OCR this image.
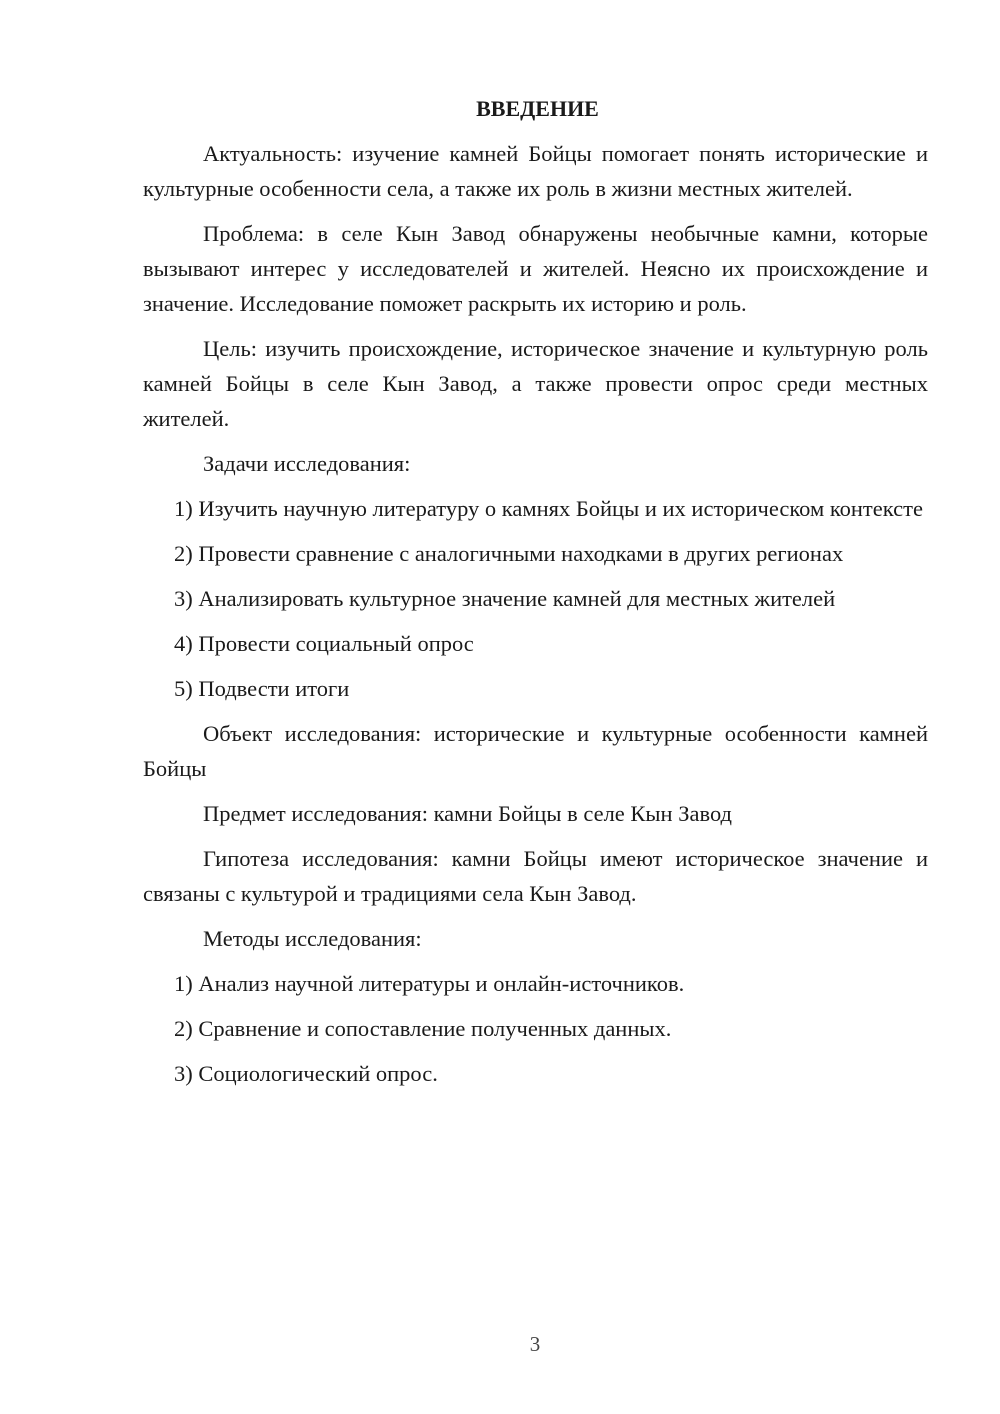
ВВЕДЕНИЕ

Актуальность: изучение камней Бойцы помогает понять исторические и культурные особенности села, а также их роль в жизни местных жителей.

Проблема: в селе Кын Завод обнаружены необычные камни, которые вызывают интерес у исследователей и жителей. Неясно их происхождение и значение. Исследование поможет раскрыть их историю и роль.

Цель: изучить происхождение, историческое значение и культурную роль камней Бойцы в селе Кын Завод, а также провести опрос среди местных жителей.

Задачи исследования:

1) Изучить научную литературу о камнях Бойцы и их историческом контексте

2) Провести сравнение с аналогичными находками в других регионах

3) Анализировать культурное значение камней для местных жителей

4) Провести социальный опрос

5) Подвести итоги

Объект исследования: исторические и культурные особенности камней Бойцы

Предмет исследования: камни Бойцы в селе Кын Завод

Гипотеза исследования: камни Бойцы имеют историческое значение и связаны с культурой и традициями села Кын Завод.

Методы исследования:

1) Анализ научной литературы и онлайн-источников.

2) Сравнение и сопоставление полученных данных.

3) Социологический опрос.

3
